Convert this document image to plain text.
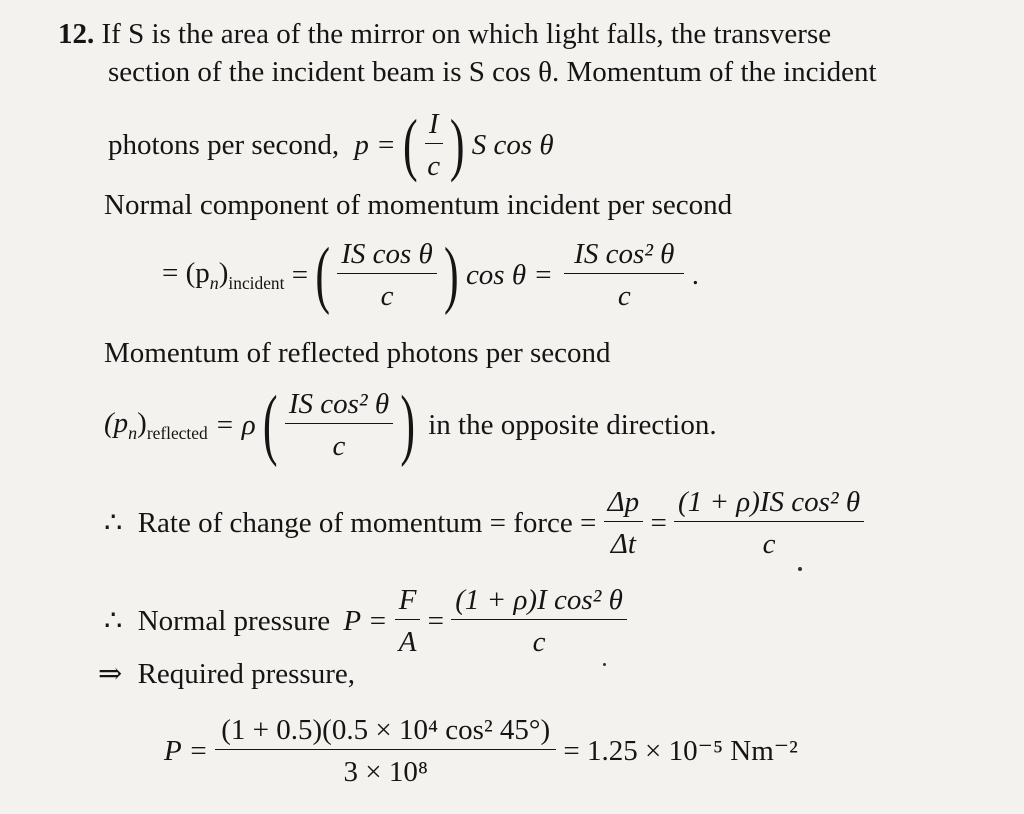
12. If S is the area of the mirror on which light falls, the transverse
section of the incident beam is S cos θ. Momentum of the incident
photons per second, p = ( $\frac{I}{c}$ ) S cos θ
Normal component of momentum incident per second
= $(p_n)_{incident}$ = ( $\frac{\text{IS cos θ}}{c}$ ) $\cos \theta = \frac{\text{IS cos² θ}}{c}$ .
Momentum of reflected photons per second
$(p_n)_{reflected} = \rho$ ( $\frac{\text{IS cos² θ}}{c}$ ) in the opposite direction.
∴ Rate of change of momentum = force = $\frac{\Delta p}{\Delta t} = \frac{\text{(1 + ρ)IS cos² θ}}{c}$
∴ Normal pressure $P = \frac{F}{A} = \frac{\text{(1 + ρ)I cos² θ}}{c}$
⇒ Required pressure,
$P = \frac{\text{(1 + 0.5)(0.5 × 10⁴ cos² 45°)}}{\text{3 × 10⁸}} = 1.25 \times 10^{-5}$ Nm⁻²
